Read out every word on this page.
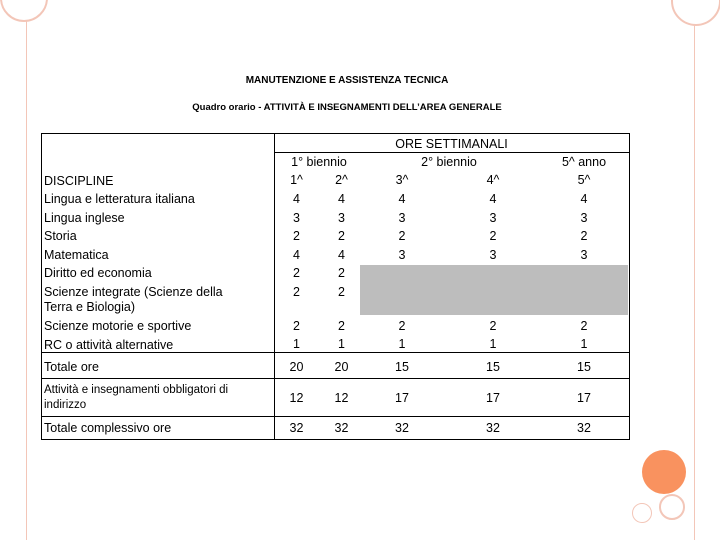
MANUTENZIONE E ASSISTENZA TECNICA
Quadro orario - ATTIVITÀ E INSEGNAMENTI DELL’AREA GENERALE
ORE SETTIMANALI
1° biennio	2° biennio	5^ anno
DISCIPLINE	1^	2^	3^	4^	5^
Lingua e letteratura italiana	4	4	4	4	4
Lingua inglese	3	3	3	3	3
Storia	2	2	2	2	2
Matematica	4	4	3	3	3
Diritto ed economia	2	2
Scienze integrate (Scienze della
Terra e Biologia)
2	2
Scienze motorie e sportive	2	2	2	2	2
RC o attività alternative	1	1	1	1	1
Totale ore	20	20	15	15	15
Attività e insegnamenti obbligatori di
indirizzo	12	12	17	17	17
Totale complessivo ore	32	32	32	32	32
